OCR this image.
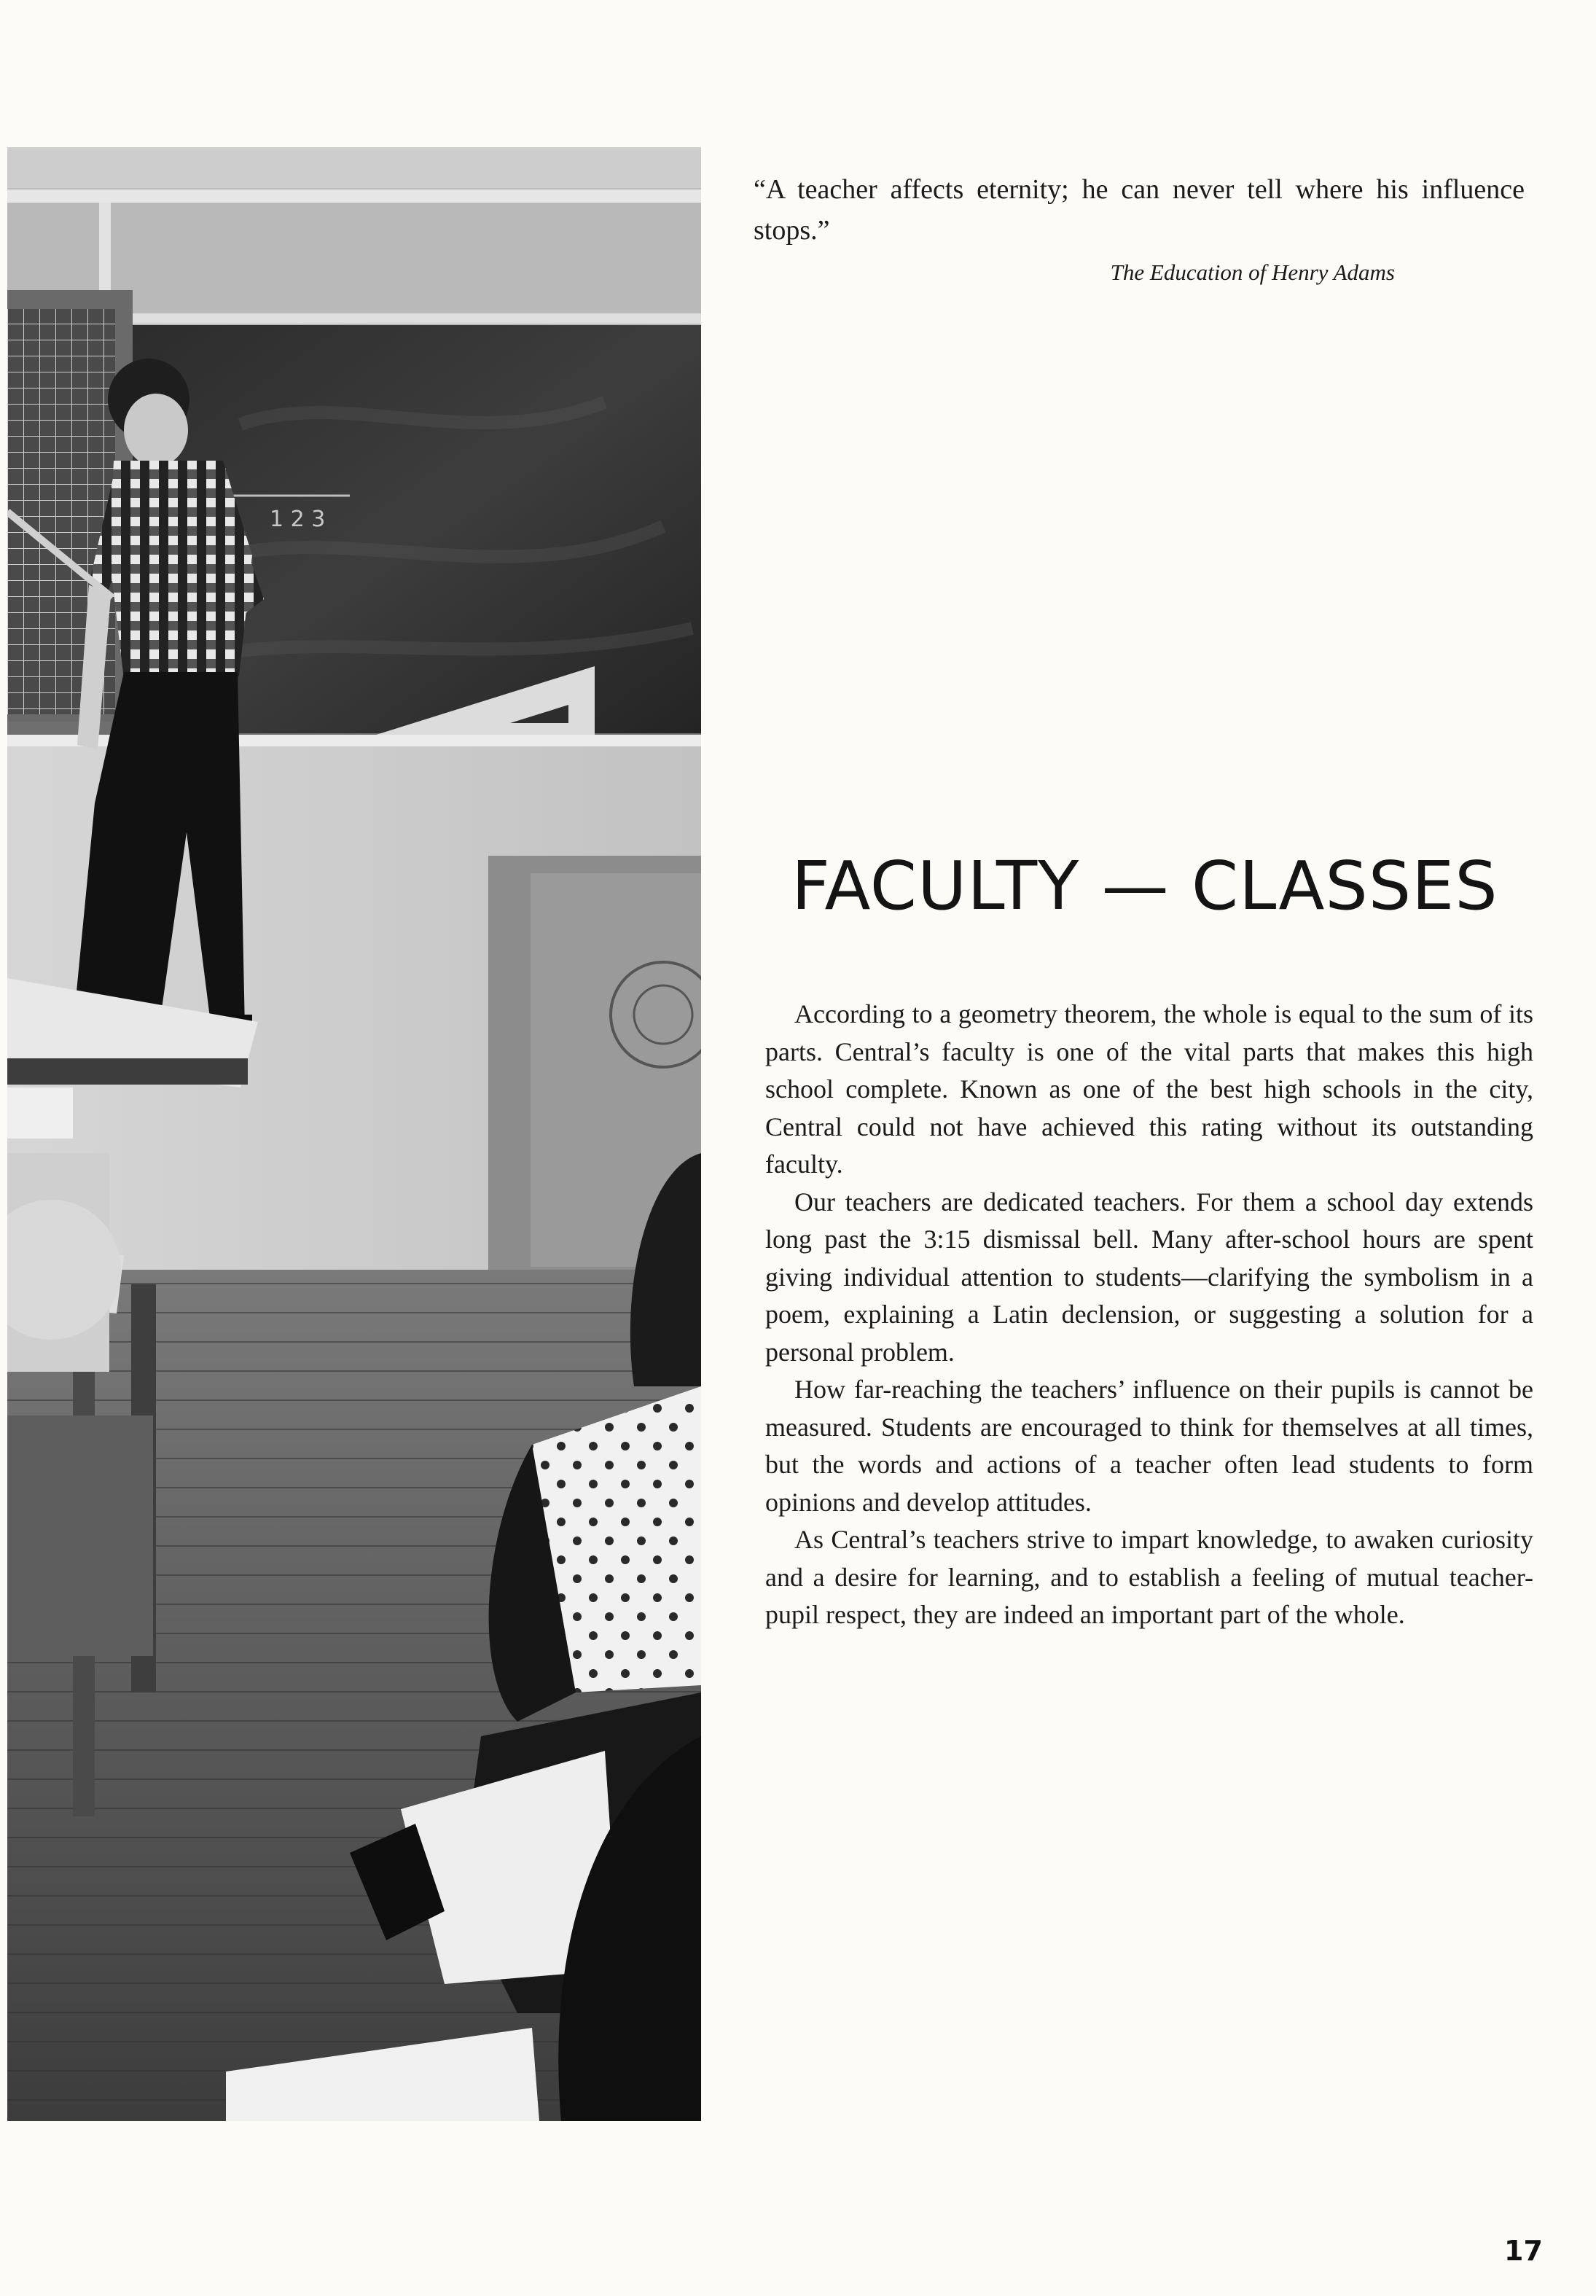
1 2 3

“A teacher affects eternity; he can never tell where his influence stops.”

The Education of Henry Adams

FACULTY — CLASSES

According to a geometry theorem, the whole is equal to the sum of its parts. Central’s faculty is one of the vital parts that makes this high school complete. Known as one of the best high schools in the city, Central could not have achieved this rating without its outstanding faculty.

Our teachers are dedicated teachers. For them a school day extends long past the 3:15 dismissal bell. Many after-school hours are spent giving individual attention to students—clarifying the symbolism in a poem, explaining a Latin declension, or suggesting a solution for a personal problem.

How far-reaching the teachers’ influence on their pupils is cannot be measured. Students are encouraged to think for themselves at all times, but the words and actions of a teacher often lead students to form opinions and develop attitudes.

As Central’s teachers strive to impart knowledge, to awaken curiosity and a desire for learning, and to establish a feeling of mutual teacher-pupil respect, they are indeed an important part of the whole.

17
